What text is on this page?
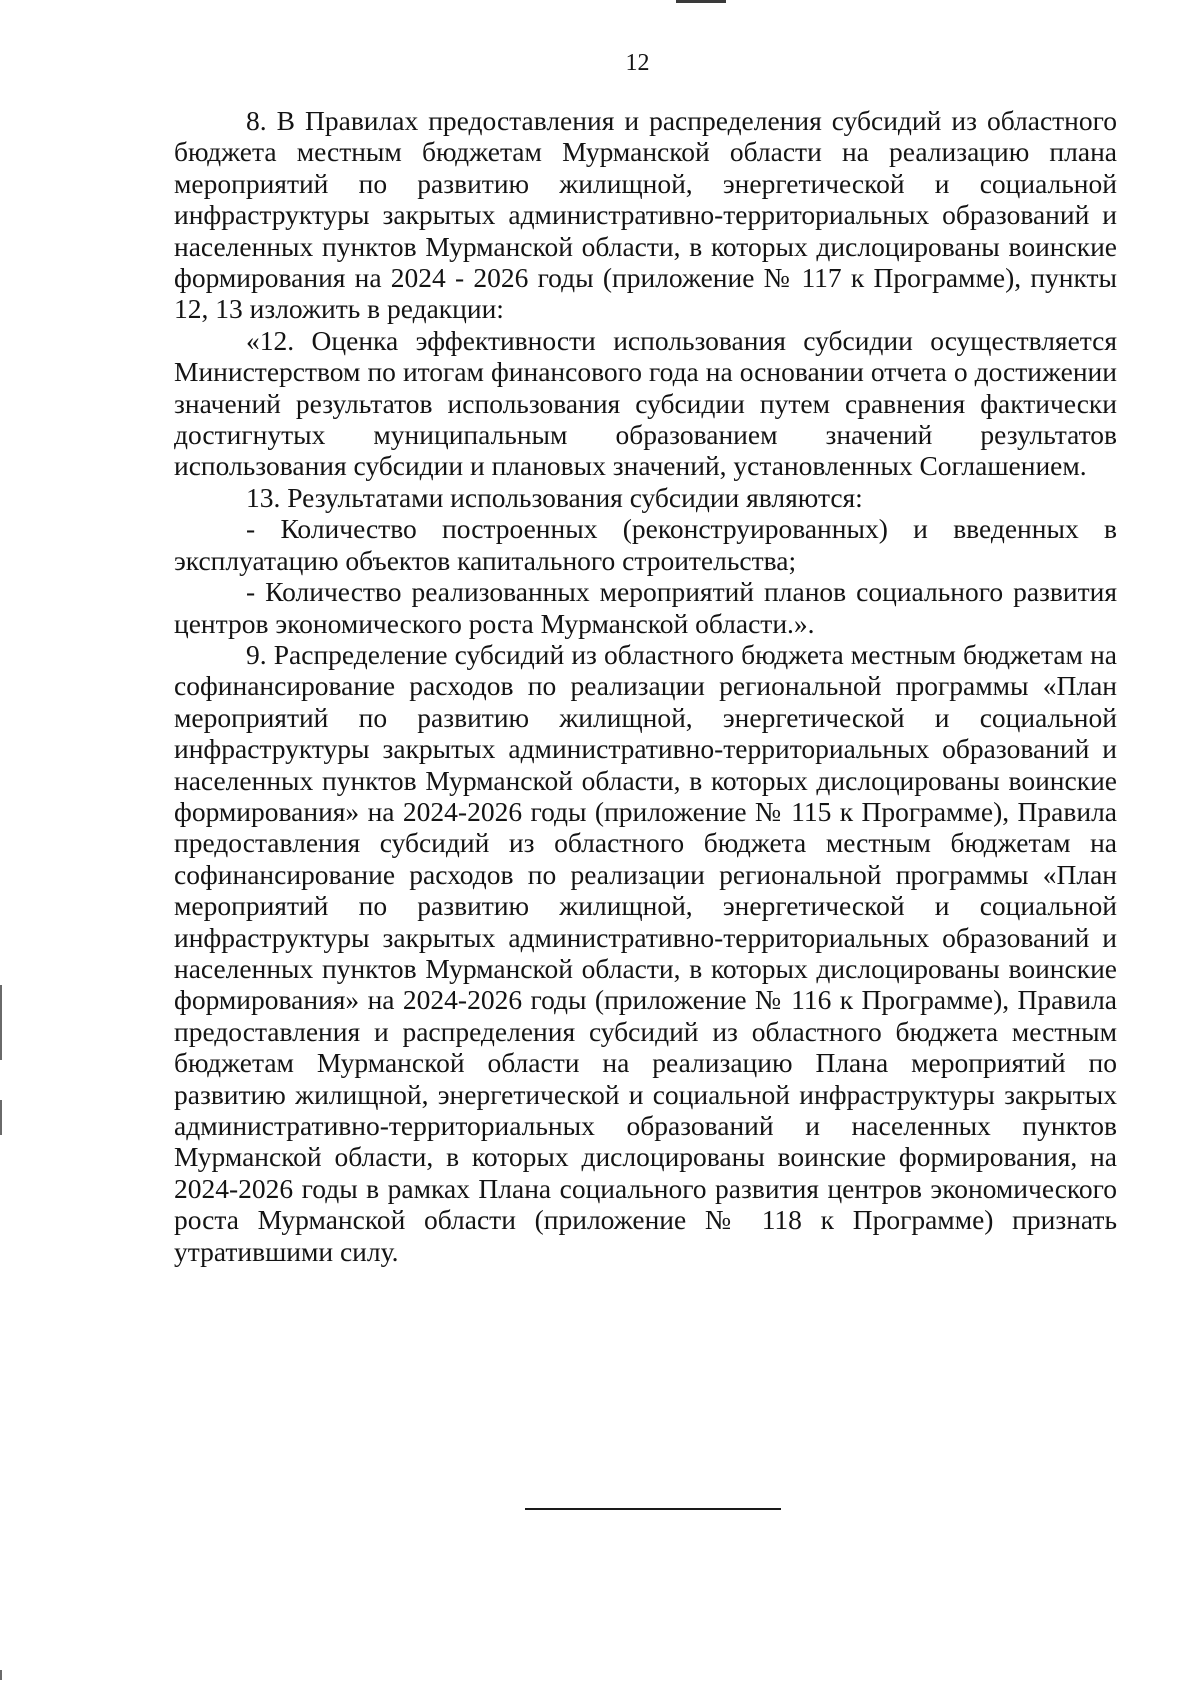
12

8. В Правилах предоставления и распределения субсидий из областного бюджета местным бюджетам Мурманской области на реализацию плана мероприятий по развитию жилищной, энергетической и социальной инфраструктуры закрытых административно-территориальных образований и населенных пунктов Мурманской области, в которых дислоцированы воинские формирования на 2024 - 2026 годы (приложение № 117 к Программе), пункты 12, 13 изложить в редакции:

«12. Оценка эффективности использования субсидии осуществляется Министерством по итогам финансового года на основании отчета о достижении значений результатов использования субсидии путем сравнения фактически достигнутых муниципальным образованием значений результатов использования субсидии и плановых значений, установленных Соглашением.

13. Результатами использования субсидии являются:

- Количество построенных (реконструированных) и введенных в эксплуатацию объектов капитального строительства;

- Количество реализованных мероприятий планов социального развития центров экономического роста Мурманской области.».

9. Распределение субсидий из областного бюджета местным бюджетам на софинансирование расходов по реализации региональной программы «План мероприятий по развитию жилищной, энергетической и социальной инфраструктуры закрытых административно-территориальных образований и населенных пунктов Мурманской области, в которых дислоцированы воинские формирования» на 2024-2026 годы (приложение № 115 к Программе), Правила предоставления субсидий из областного бюджета местным бюджетам на софинансирование расходов по реализации региональной программы «План мероприятий по развитию жилищной, энергетической и социальной инфраструктуры закрытых административно-территориальных образований и населенных пунктов Мурманской области, в которых дислоцированы воинские формирования» на 2024-2026 годы (приложение № 116 к Программе), Правила предоставления и распределения субсидий из областного бюджета местным бюджетам Мурманской области на реализацию Плана мероприятий по развитию жилищной, энергетической и социальной инфраструктуры закрытых административно-территориальных образований и населенных пунктов Мурманской области, в которых дислоцированы воинские формирования, на 2024-2026 годы в рамках Плана социального развития центров экономического роста Мурманской области (приложение № 118 к Программе) признать утратившими силу.
